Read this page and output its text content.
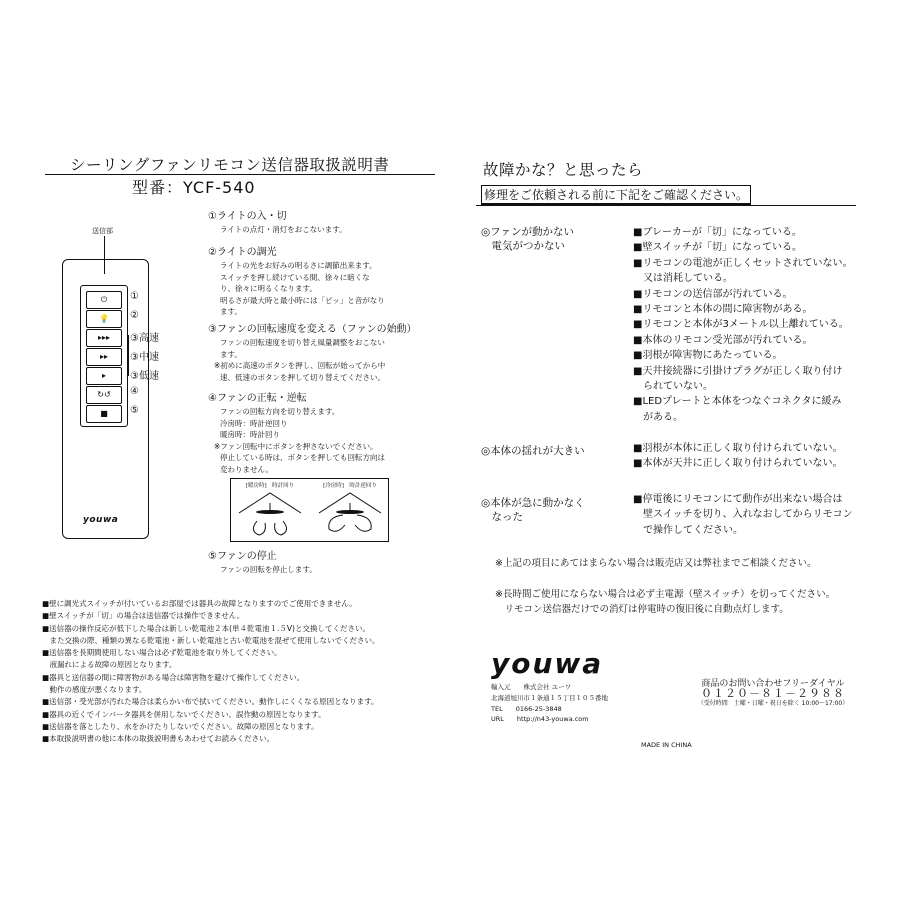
シーリングファンリモコン送信器取扱説明書
型番：YCF-540
送信部
⏻
💡
▸▸▸
▸▸
▸
↻↺
■
youwa
①
②
③高速
③中速
③低速
④
⑤
①ライトの入・切
ライトの点灯・消灯をおこないます。
②ライトの調光
ライトの光をお好みの明るさに調節出来ます。
スイッチを押し続けている間、徐々に暗くな
り、徐々に明るくなります。
明るさが最大時と最小時には「ピッ」と音がなり
ます。
③ファンの回転速度を変える（ファンの始動）
ファンの回転速度を切り替え風量調整をおこない
ます。
※初めに高速のボタンを押し、回転が始ってから中
速、低速のボタンを押して切り替えてください。
④ファンの正転・逆転
ファンの回転方向を切り替えます。
冷房時：時計逆回り
暖房時：時計回り
※ファン回転中にボタンを押さないでください。
停止している時は、ボタンを押しても回転方向は
変わりません。
[暖房時]　時計回り	[冷房時]　時計逆回り
⑤ファンの停止
ファンの回転を停止します。
■壁に調光式スイッチが付いているお部屋では器具の故障となりますのでご使用できません。
■壁スイッチが「切」の場合は送信器では操作できません。
■送信器の操作反応が低下した場合は新しい乾電池２本(単４乾電池１.５V)と交換してください。
　また交換の際、種類の異なる乾電池・新しい乾電池と古い乾電池を混ぜて使用しないでください。
■送信器を長期間使用しない場合は必ず乾電池を取り外してください。
　液漏れによる故障の原因となります。
■器具と送信器の間に障害物がある場合は障害物を避けて操作してください。
　動作の感度が悪くなります。
■送信部・受光部が汚れた場合は柔らかい布で拭いてください。動作しにくくなる原因となります。
■器具の近くでインバータ器具を併用しないでください。誤作動の原因となります。
■送信器を落としたり、水をかけたりしないでください。故障の原因となります。
■本取扱説明書の他に本体の取扱説明書もあわせてお読みください。
故障かな？と思ったら
修理をご依頼される前に下記をご確認ください。
◎ファンが動かない
　電気がつかない
■ブレーカーが「切」になっている。
■壁スイッチが「切」になっている。
■リモコンの電池が正しくセットされていない。
　又は消耗している。
■リモコンの送信部が汚れている。
■リモコンと本体の間に障害物がある。
■リモコンと本体が3メートル以上離れている。
■本体のリモコン受光部が汚れている。
■羽根が障害物にあたっている。
■天井接続器に引掛けプラグが正しく取り付け
　られていない。
■LEDプレートと本体をつなぐコネクタに緩み
　がある。
◎本体の揺れが大きい	■羽根が本体に正しく取り付けられていない。
■本体が天井に正しく取り付けられていない。
◎本体が急に動かなく
　なった
■停電後にリモコンにて動作が出来ない場合は
　壁スイッチを切り、入れなおしてからリモコン
　で操作してください。
※上記の項目にあてはまらない場合は販売店又は弊社までご相談ください。
※長時間ご使用にならない場合は必ず主電源（壁スイッチ）を切ってください。
　リモコン送信器だけでの消灯は停電時の復旧後に自動点灯します。
youwa
輸入元　　株式会社 ユーワ
北海道旭川市１条通１５丁目１０５番地
TEL　　0166-25-3848
URL　　http://n43-youwa.com
商品のお問い合わせフリーダイヤル
０１２０－８１－２９８８
（受付時間　土曜・日曜・祝日を除く 10:00～17:00）
MADE IN CHINA
